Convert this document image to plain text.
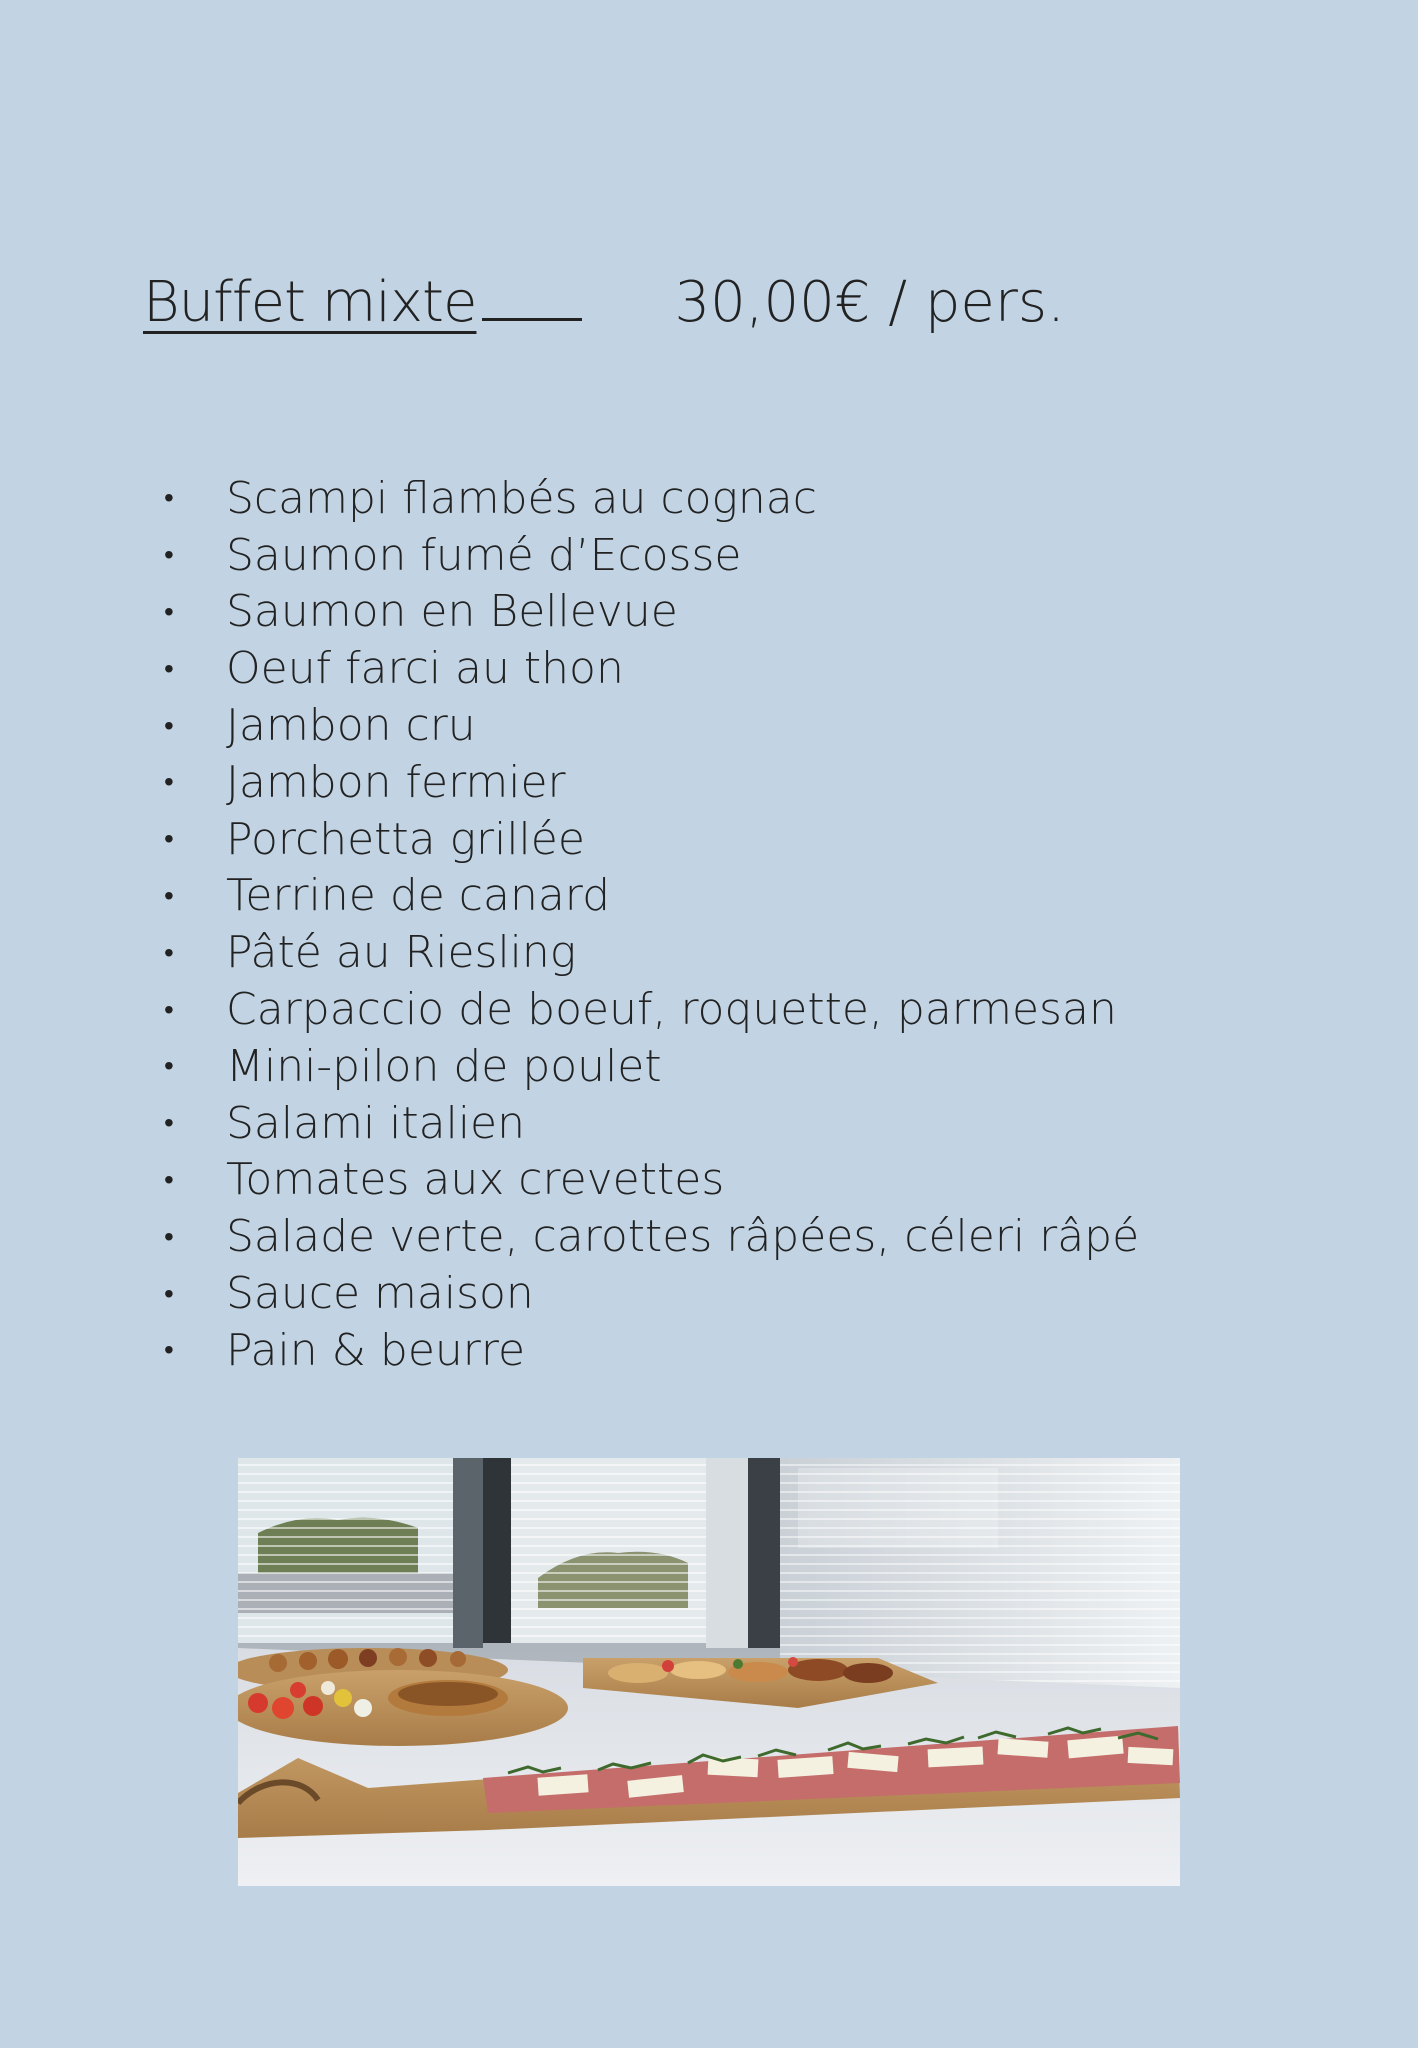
Buffet mixte	30,00€ / pers.
•	Scampi flambés au cognac
•	Saumon fumé d’Ecosse
•	Saumon en Bellevue
•	Oeuf farci au thon
•	Jambon cru
•	Jambon fermier
•	Porchetta grillée
•	Terrine de canard
•	Pâté au Riesling
•	Carpaccio de boeuf, roquette, parmesan
•	Mini-pilon de poulet
•	Salami italien
•	Tomates aux crevettes
•	Salade verte, carottes râpées, céleri râpé
•	Sauce maison
•	Pain & beurre
